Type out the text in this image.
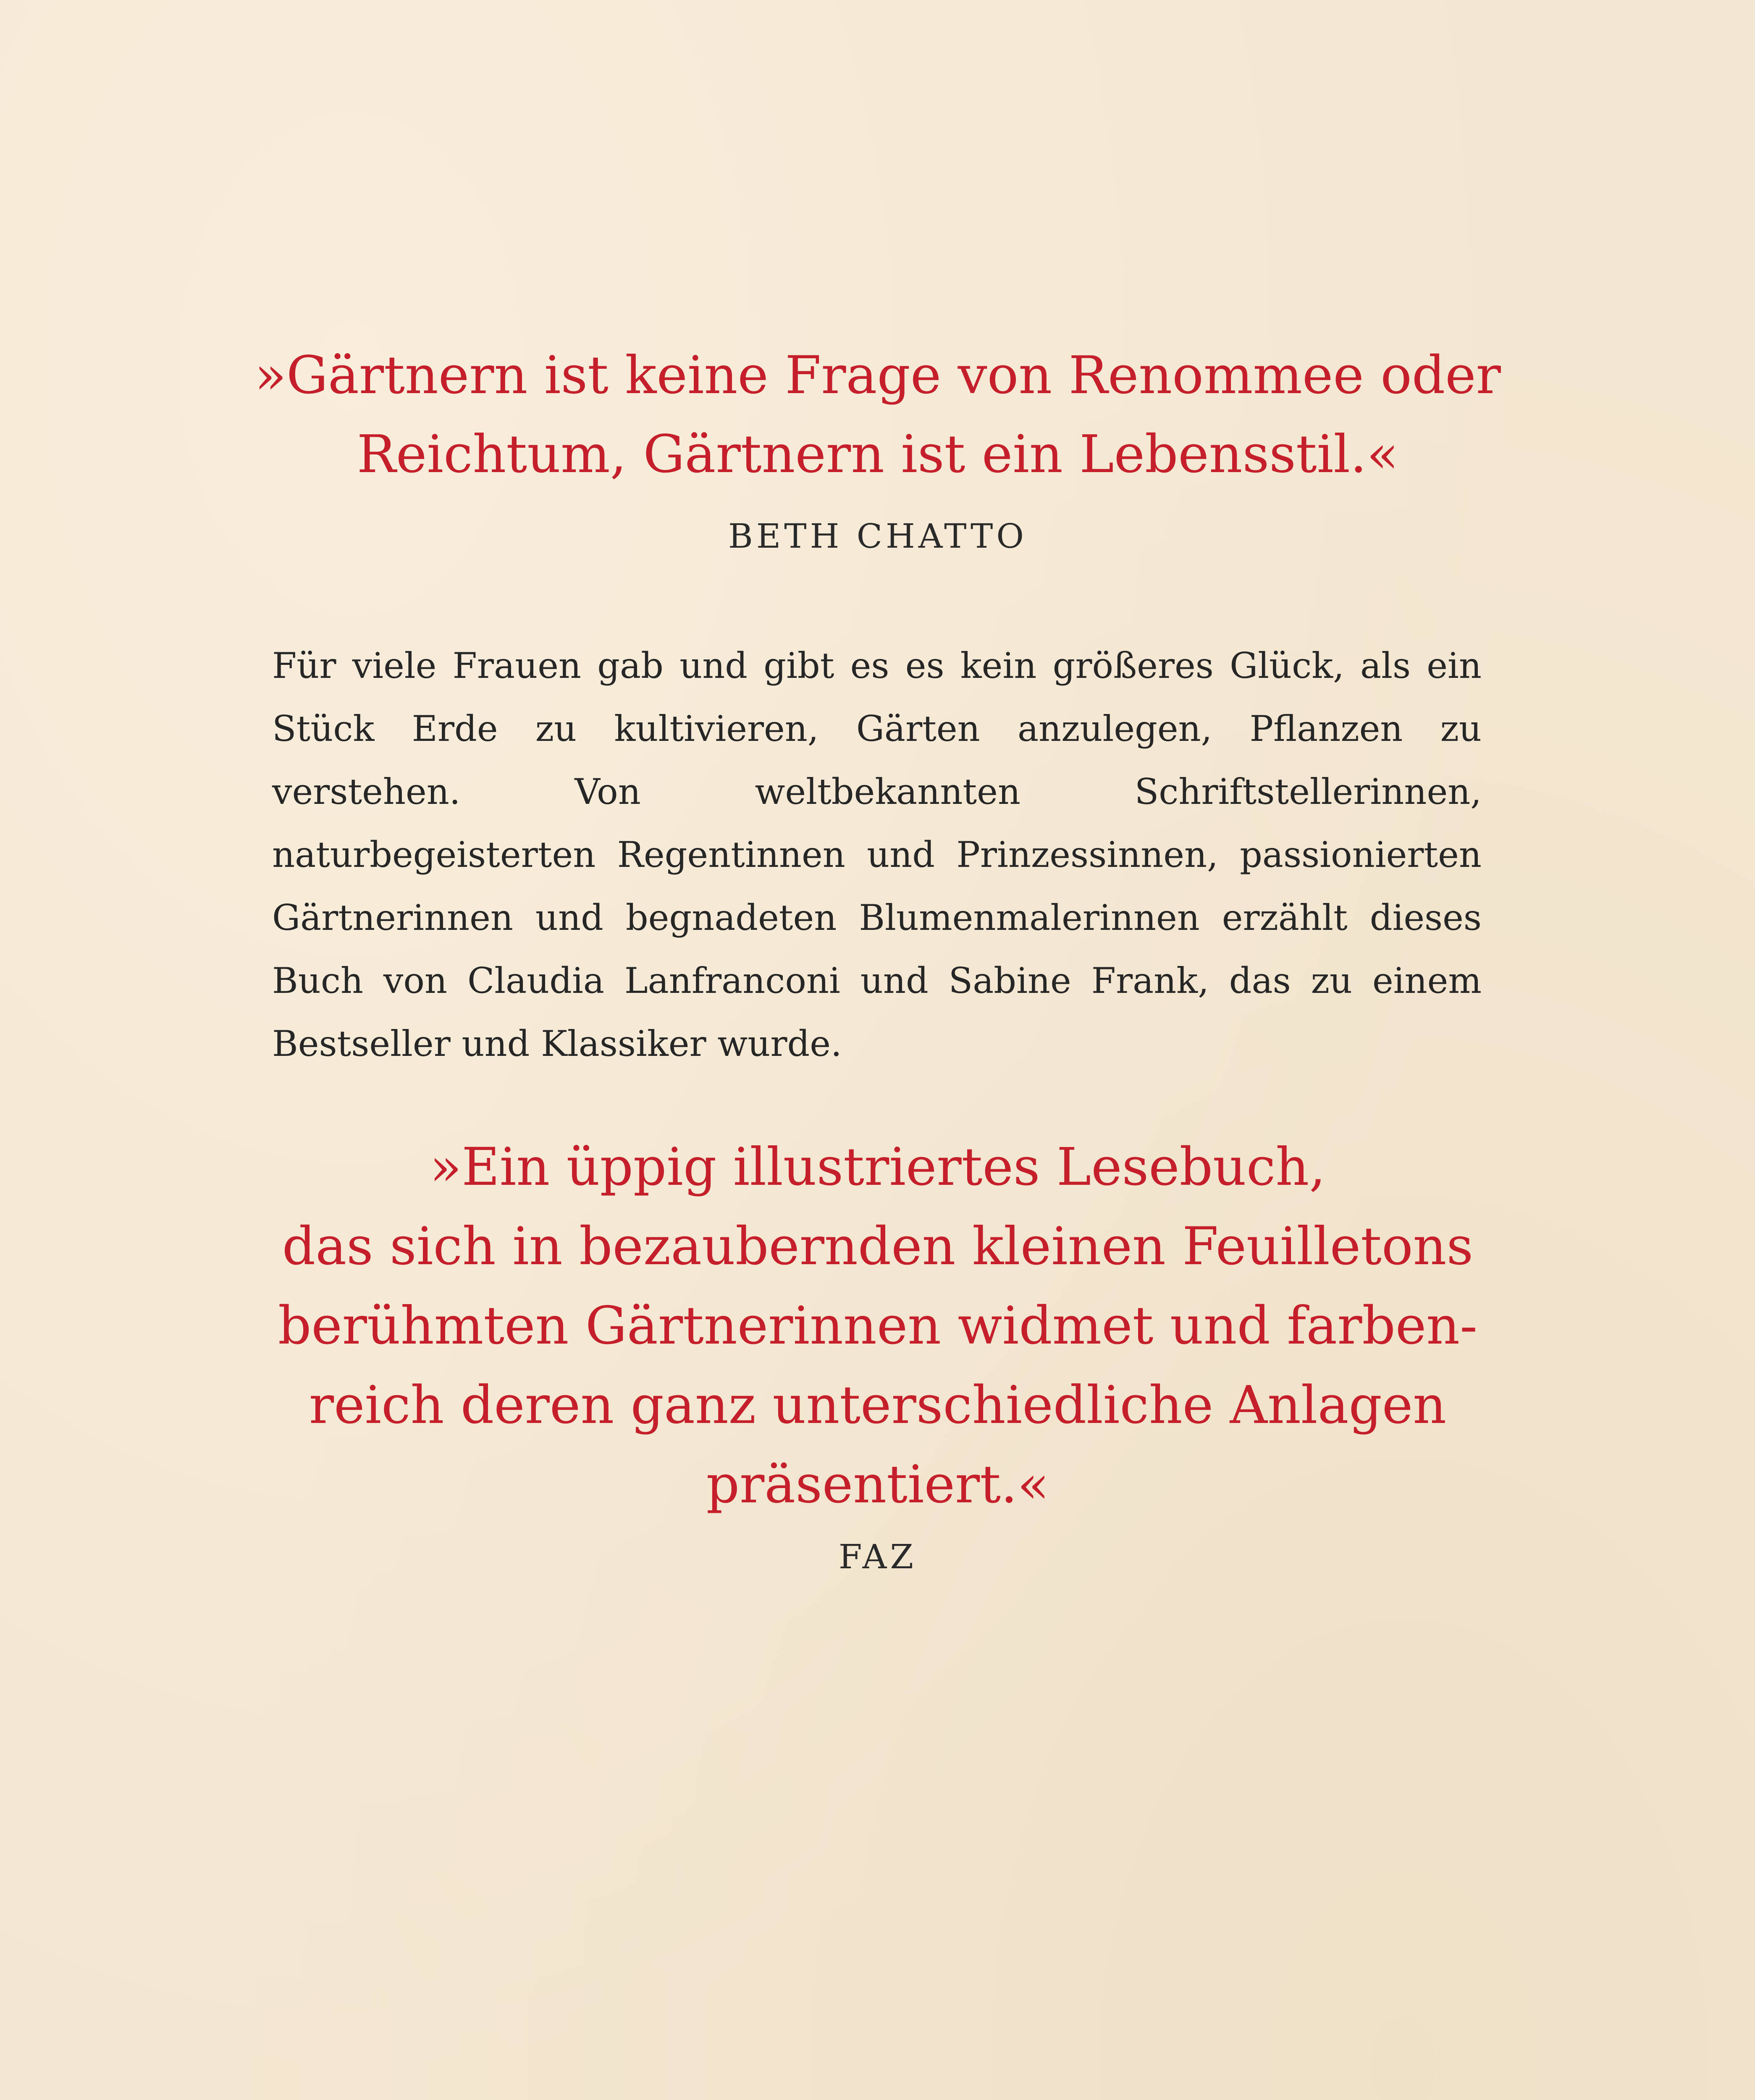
»Gärtnern ist keine Frage von Renommee oder
Reichtum, Gärtnern ist ein Lebensstil.«

BETH CHATTO

Für viele Frauen gab und gibt es es kein größeres Glück, als ein Stück Erde zu kultivieren, Gärten anzulegen, Pflanzen zu verstehen. Von weltbekannten Schriftstellerinnen, naturbegeisterten Regentinnen und Prinzessinnen, passionierten Gärtnerinnen und begnadeten Blumenmalerinnen erzählt dieses Buch von Claudia Lanfranconi und Sabine Frank, das zu einem Bestseller und Klassiker wurde.

»Ein üppig illustriertes Lesebuch,
das sich in bezaubernden kleinen Feuilletons
berühmten Gärtnerinnen widmet und farben-
reich deren ganz unterschiedliche Anlagen
präsentiert.«

FAZ
